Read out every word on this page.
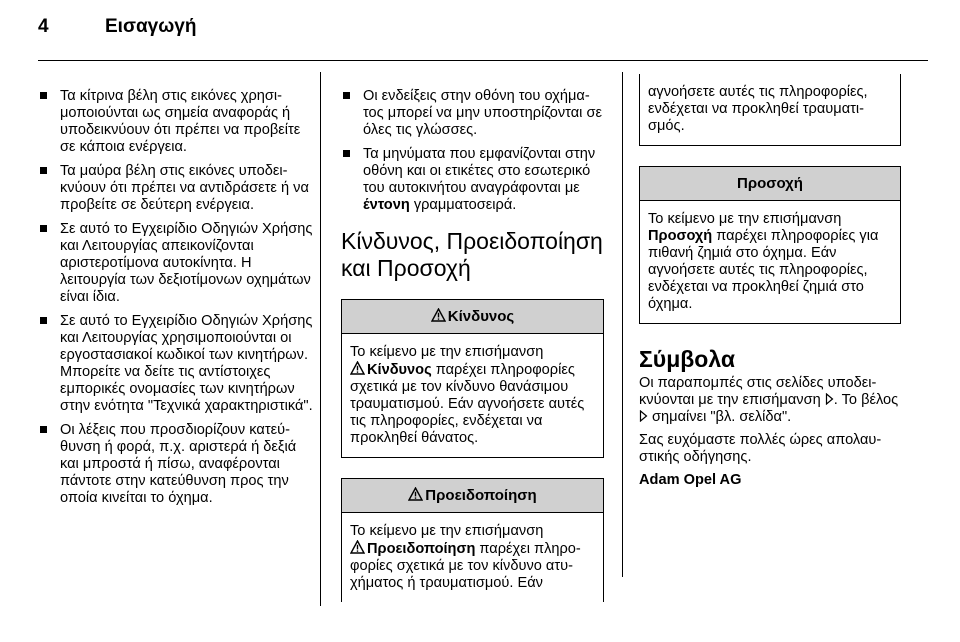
4	Εισαγωγή
Τα κίτρινα βέλη στις εικόνες χρησιμοποιούνται ως σημεία αναφοράς ή υποδεικνύουν ότι πρέπει να προβείτε σε κάποια ενέργεια.
Τα μαύρα βέλη στις εικόνες υποδεικνύουν ότι πρέπει να αντιδράσετε ή να προβείτε σε δεύτερη ενέργεια.
Σε αυτό το Εγχειρίδιο Οδηγιών Χρήσης και Λειτουργίας απεικονίζονται αριστεροτίμονα αυτοκίνητα. Η λειτουργία των δεξιοτίμονων οχημάτων είναι ίδια.
Σε αυτό το Εγχειρίδιο Οδηγιών Χρήσης και Λειτουργίας χρησιμοποιούνται οι εργοστασιακοί κωδικοί των κινητήρων. Μπορείτε να δείτε τις αντίστοιχες εμπορικές ονομασίες των κινητήρων στην ενότητα "Τεχνικά χαρακτηριστικά".
Οι λέξεις που προσδιορίζουν κατεύθυνση ή φορά, π.χ. αριστερά ή δεξιά και μπροστά ή πίσω, αναφέρονται πάντοτε στην κατεύθυνση προς την οποία κινείται το όχημα.
Οι ενδείξεις στην οθόνη του οχήματος μπορεί να μην υποστηρίζονται σε όλες τις γλώσσες.
Τα μηνύματα που εμφανίζονται στην οθόνη και οι ετικέτες στο εσωτερικό του αυτοκινήτου αναγράφονται με έντονη γραμματοσειρά.
Κίνδυνος, Προειδοποίηση και Προσοχή
Κίνδυνος
Το κείμενο με την επισήμανση
Κίνδυνος παρέχει πληροφορίες σχετικά με τον κίνδυνο θανάσιμου τραυματισμού. Εάν αγνοήσετε αυτές τις πληροφορίες, ενδέχεται να προκληθεί θάνατος.
Προειδοποίηση
Το κείμενο με την επισήμανση
Προειδοποίηση παρέχει πληροφορίες σχετικά με τον κίνδυνο ατυχήματος ή τραυματισμού. Εάν
αγνοήσετε αυτές τις πληροφορίες, ενδέχεται να προκληθεί τραυματισμός.
Προσοχή
Το κείμενο με την επισήμανση
Προσοχή παρέχει πληροφορίες για πιθανή ζημιά στο όχημα. Εάν αγνοήσετε αυτές τις πληροφορίες, ενδέχεται να προκληθεί ζημιά στο όχημα.
Σύμβολα

Οι παραπομπές στις σελίδες υποδεικνύονται με την επισήμανση . Το βέλος  σημαίνει "βλ. σελίδα".

Σας ευχόμαστε πολλές ώρες απολαυστικής οδήγησης.

Adam Opel AG
